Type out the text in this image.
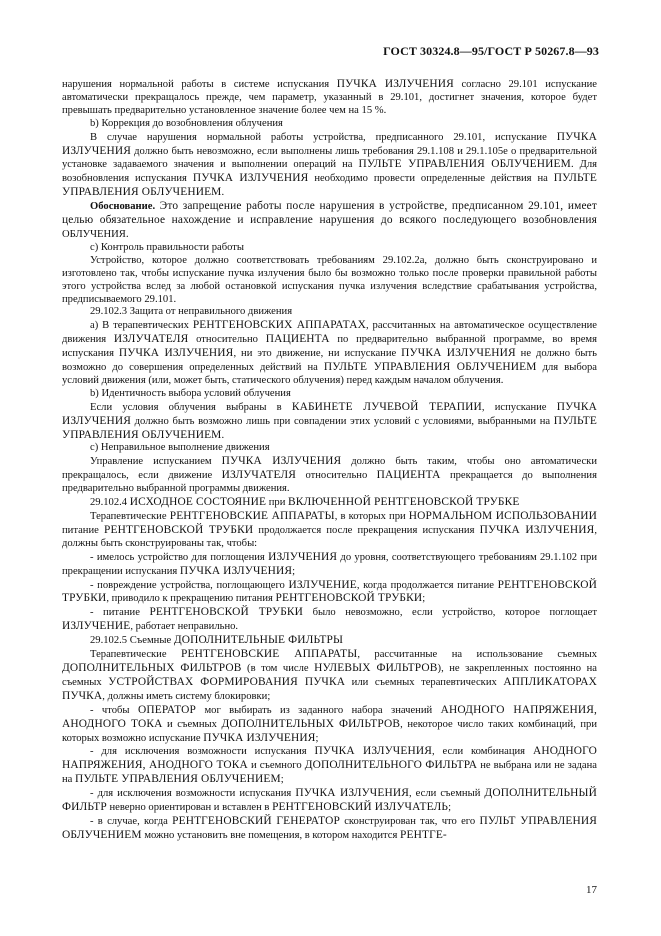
ГОСТ 30324.8—95/ГОСТ Р 50267.8—93

нарушения нормальной работы в системе испускания ПУЧКА ИЗЛУЧЕНИЯ согласно 29.101 испускание автоматически прекращалось прежде, чем параметр, указанный в 29.101, достигнет значения, которое будет превышать предварительно установленное значение более чем на 15 %.

b) Коррекция до возобновления облучения

В случае нарушения нормальной работы устройства, предписанного 29.101, испускание ПУЧКА ИЗЛУЧЕНИЯ должно быть невозможно, если выполнены лишь требования 29.1.108 и 29.1.105е о предварительной установке задаваемого значения и выполнении операций на ПУЛЬТЕ УПРАВЛЕНИЯ ОБЛУЧЕНИЕМ. Для возобновления испускания ПУЧКА ИЗЛУЧЕНИЯ необходимо провести определенные действия на ПУЛЬТЕ УПРАВЛЕНИЯ ОБЛУЧЕНИЕМ.

Обоснование. Это запрещение работы после нарушения в устройстве, предписанном 29.101, имеет целью обязательное нахождение и исправление нарушения до всякого последующего возобновления ОБЛУЧЕНИЯ.

c) Контроль правильности работы

Устройство, которое должно соответствовать требованиям 29.102.2а, должно быть сконструировано и изготовлено так, чтобы испускание пучка излучения было бы возможно только после проверки правильной работы этого устройства вслед за любой остановкой испускания пучка излучения вследствие срабатывания устройства, предписываемого 29.101.

29.102.3 Защита от неправильного движения

а) В терапевтических РЕНТГЕНОВСКИХ АППАРАТАХ, рассчитанных на автоматическое осуществление движения ИЗЛУЧАТЕЛЯ относительно ПАЦИЕНТА по предварительно выбранной программе, во время испускания ПУЧКА ИЗЛУЧЕНИЯ, ни это движение, ни испускание ПУЧКА ИЗЛУЧЕНИЯ не должно быть возможно до совершения определенных действий на ПУЛЬТЕ УПРАВЛЕНИЯ ОБЛУЧЕНИЕМ для выбора условий движения (или, может быть, статического облучения) перед каждым началом облучения.

b) Идентичность выбора условий облучения

Если условия облучения выбраны в КАБИНЕТЕ ЛУЧЕВОЙ ТЕРАПИИ, испускание ПУЧКА ИЗЛУЧЕНИЯ должно быть возможно лишь при совпадении этих условий с условиями, выбранными на ПУЛЬТЕ УПРАВЛЕНИЯ ОБЛУЧЕНИЕМ.

c) Неправильное выполнение движения

Управление испусканием ПУЧКА ИЗЛУЧЕНИЯ должно быть таким, чтобы оно автоматически прекращалось, если движение ИЗЛУЧАТЕЛЯ относительно ПАЦИЕНТА прекращается до выполнения предварительно выбранной программы движения.

29.102.4 ИСХОДНОЕ СОСТОЯНИЕ при ВКЛЮЧЕННОЙ РЕНТГЕНОВСКОЙ ТРУБКЕ

Терапевтические РЕНТГЕНОВСКИЕ АППАРАТЫ, в которых при НОРМАЛЬНОМ ИСПОЛЬЗОВАНИИ питание РЕНТГЕНОВСКОЙ ТРУБКИ продолжается после прекращения испускания ПУЧКА ИЗЛУЧЕНИЯ, должны быть сконструированы так, чтобы:

- имелось устройство для поглощения ИЗЛУЧЕНИЯ до уровня, соответствующего требованиям 29.1.102 при прекращении испускания ПУЧКА ИЗЛУЧЕНИЯ;

- повреждение устройства, поглощающего ИЗЛУЧЕНИЕ, когда продолжается питание РЕНТГЕНОВСКОЙ ТРУБКИ, приводило к прекращению питания РЕНТГЕНОВСКОЙ ТРУБКИ;

- питание РЕНТГЕНОВСКОЙ ТРУБКИ было невозможно, если устройство, которое поглощает ИЗЛУЧЕНИЕ, работает неправильно.

29.102.5 Съемные ДОПОЛНИТЕЛЬНЫЕ ФИЛЬТРЫ

Терапевтические РЕНТГЕНОВСКИЕ АППАРАТЫ, рассчитанные на использование съемных ДОПОЛНИТЕЛЬНЫХ ФИЛЬТРОВ (в том числе НУЛЕВЫХ ФИЛЬТРОВ), не закрепленных постоянно на съемных УСТРОЙСТВАХ ФОРМИРОВАНИЯ ПУЧКА или съемных терапевтических АППЛИКАТОРАХ ПУЧКА, должны иметь систему блокировки;

- чтобы ОПЕРАТОР мог выбирать из заданного набора значений АНОДНОГО НАПРЯЖЕНИЯ, АНОДНОГО ТОКА и съемных ДОПОЛНИТЕЛЬНЫХ ФИЛЬТРОВ, некоторое число таких комбинаций, при которых возможно испускание ПУЧКА ИЗЛУЧЕНИЯ;

- для исключения возможности испускания ПУЧКА ИЗЛУЧЕНИЯ, если комбинация АНОДНОГО НАПРЯЖЕНИЯ, АНОДНОГО ТОКА и съемного ДОПОЛНИТЕЛЬНОГО ФИЛЬТРА не выбрана или не задана на ПУЛЬТЕ УПРАВЛЕНИЯ ОБЛУЧЕНИЕМ;

- для исключения возможности испускания ПУЧКА ИЗЛУЧЕНИЯ, если съемный ДОПОЛНИТЕЛЬНЫЙ ФИЛЬТР неверно ориентирован и вставлен в РЕНТГЕНОВСКИЙ ИЗЛУЧАТЕЛЬ;

- в случае, когда РЕНТГЕНОВСКИЙ ГЕНЕРАТОР сконструирован так, что его ПУЛЬТ УПРАВЛЕНИЯ ОБЛУЧЕНИЕМ можно установить вне помещения, в котором находится РЕНТГЕ-

17
